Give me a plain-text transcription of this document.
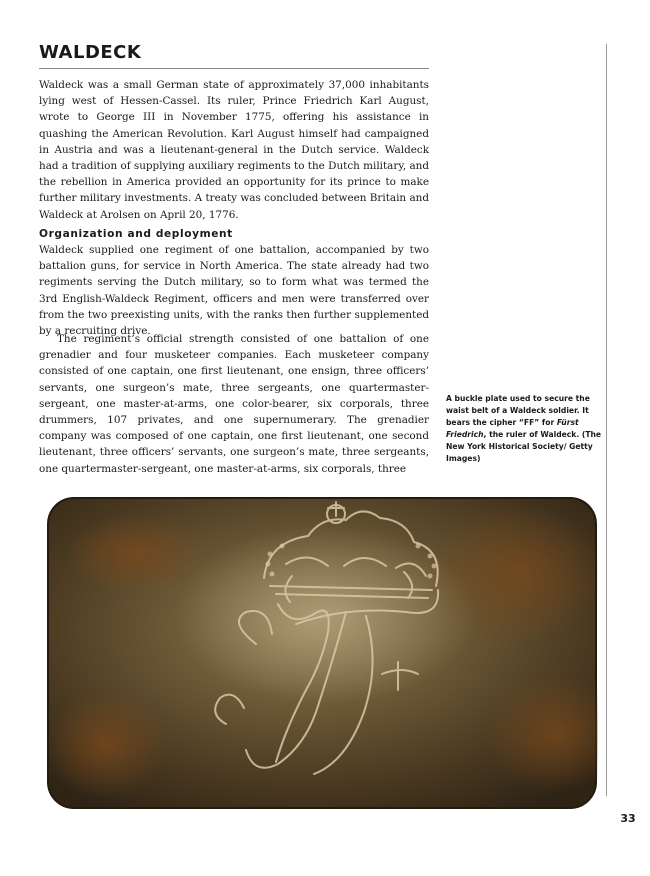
WALDECK

Waldeck was a small German state of approximately 37,000 inhabitants lying west of Hessen-Cassel. Its ruler, Prince Friedrich Karl August, wrote to George III in November 1775, offering his assistance in quashing the American Revolution. Karl August himself had campaigned in Austria and was a lieutenant-general in the Dutch service. Waldeck had a tradition of supplying auxiliary regiments to the Dutch military, and the rebellion in America provided an opportunity for its prince to make further military investments. A treaty was concluded between Britain and Waldeck at Arolsen on April 20, 1776.

Organization and deployment

Waldeck supplied one regiment of one battalion, accompanied by two battalion guns, for service in North America. The state already had two regiments serving the Dutch military, so to form what was termed the 3rd English-Waldeck Regiment, officers and men were transferred over from the two preexisting units, with the ranks then further supplemented by a recruiting drive.

The regiment’s official strength consisted of one battalion of one grenadier and four musketeer companies. Each musketeer company consisted of one captain, one first lieutenant, one ensign, three officers’ servants, one surgeon’s mate, three sergeants, one quartermaster-sergeant, one master-at-arms, one color-bearer, six corporals, three drummers, 107 privates, and one supernumerary. The grenadier company was composed of one captain, one first lieutenant, one second lieutenant, three officers’ servants, one surgeon’s mate, three sergeants, one quartermaster-sergeant, one master-at-arms, six corporals, three

A buckle plate used to secure the waist belt of a Waldeck soldier. It bears the cipher “FF” for Fürst Friedrich, the ruler of Waldeck. (The New York Historical Society/ Getty Images)

33
